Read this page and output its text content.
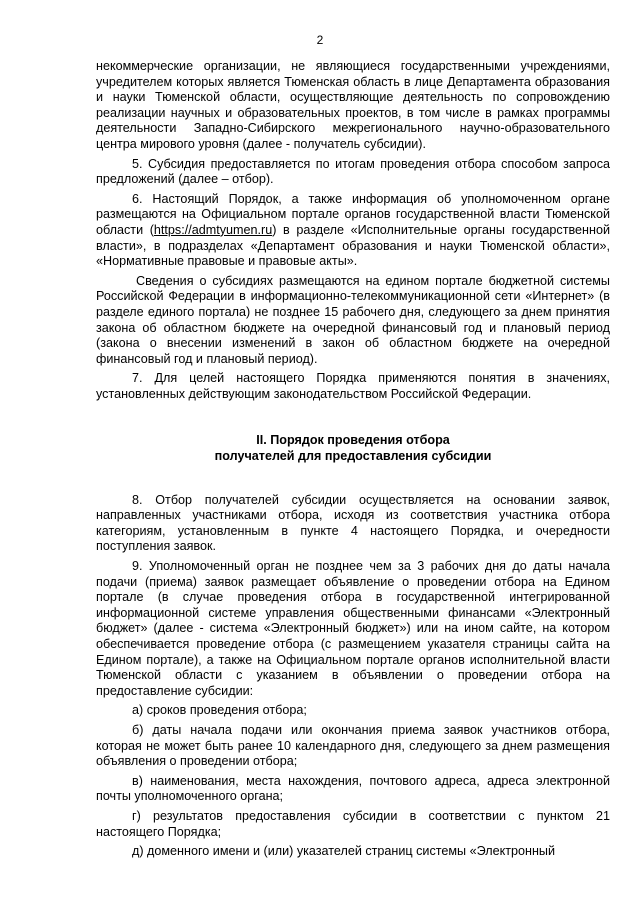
2

некоммерческие организации, не являющиеся государственными учреждениями, учредителем которых является Тюменская область в лице Департамента образования и науки Тюменской области, осуществляющие деятельность по сопровождению реализации научных и образовательных проектов, в том числе в рамках программы деятельности Западно-Сибирского межрегионального научно-образовательного центра мирового уровня (далее - получатель субсидии).

5. Субсидия предоставляется по итогам проведения отбора способом запроса предложений (далее – отбор).

6. Настоящий Порядок, а также информация об уполномоченном органе размещаются на Официальном портале органов государственной власти Тюменской области (https://admtyumen.ru) в разделе «Исполнительные органы государственной власти», в подразделах «Департамент образования и науки Тюменской области», «Нормативные правовые и правовые акты».

Сведения о субсидиях размещаются на едином портале бюджетной системы Российской Федерации в информационно-телекоммуникационной сети «Интернет» (в разделе единого портала) не позднее 15 рабочего дня, следующего за днем принятия закона об областном бюджете на очередной финансовый год и плановый период (закона о внесении изменений в закон об областном бюджете на очередной финансовый год и плановый период).

7. Для целей настоящего Порядка применяются понятия в значениях, установленных действующим законодательством Российской Федерации.

II. Порядок проведения отбора
получателей для предоставления субсидии

8. Отбор получателей субсидии осуществляется на основании заявок, направленных участниками отбора, исходя из соответствия участника отбора категориям, установленным в пункте 4 настоящего Порядка, и очередности поступления заявок.

9. Уполномоченный орган не позднее чем за 3 рабочих дня до даты начала подачи (приема) заявок размещает объявление о проведении отбора на Едином портале (в случае проведения отбора в государственной интегрированной информационной системе управления общественными финансами «Электронный бюджет» (далее - система «Электронный бюджет») или на ином сайте, на котором обеспечивается проведение отбора (с размещением указателя страницы сайта на Едином портале), а также на Официальном портале органов исполнительной власти Тюменской области с указанием в объявлении о проведении отбора на предоставление субсидии:

а) сроков проведения отбора;

б) даты начала подачи или окончания приема заявок участников отбора, которая не может быть ранее 10 календарного дня, следующего за днем размещения объявления о проведении отбора;

в) наименования, места нахождения, почтового адреса, адреса электронной почты уполномоченного органа;

г) результатов предоставления субсидии в соответствии с пунктом 21 настоящего Порядка;

д) доменного имени и (или) указателей страниц системы «Электронный
